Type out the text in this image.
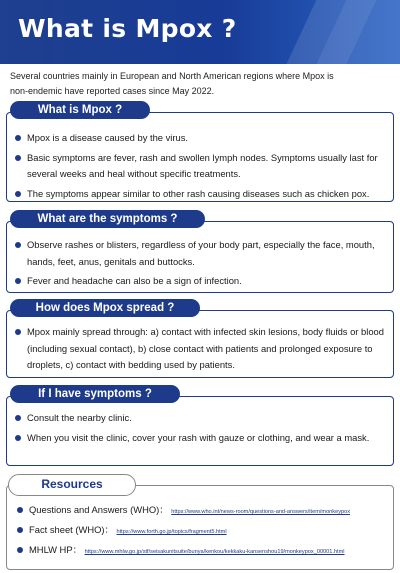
What is Mpox ?
Several countries mainly in European and North American regions where Mpox is
non-endemic have reported cases since May 2022.
Mpox is a disease caused by the virus.
Basic symptoms are fever, rash and swollen lymph nodes. Symptoms usually last for several weeks and heal without specific treatments.
The symptoms appear similar to other rash causing diseases such as chicken pox.
What is Mpox ?
Observe rashes or blisters, regardless of your body part, especially the face, mouth, hands, feet, anus, genitals and buttocks.
Fever and headache can also be a sign of infection.
What are the symptoms ?
Mpox mainly spread through: a) contact with infected skin lesions, body fluids or blood (including sexual contact), b) close contact with patients and prolonged exposure to droplets, c) contact with bedding used by patients.
How does Mpox spread ?
Consult the nearby clinic.
When you visit the clinic, cover your rash with gauze or clothing, and wear a mask.
If I have symptoms ?
Questions and Answers (WHO)： https://www.who.int/news-room/questions-and-answers/item/monkeypox
Fact sheet (WHO)： https://www.forth.go.jp/topics/fragment5.html
MHLW HP： https://www.mhlw.go.jp/stf/seisakunitsuite/bunya/kenkou/kekkaku-kansenshou19/monkeypox_00001.html
Resources
